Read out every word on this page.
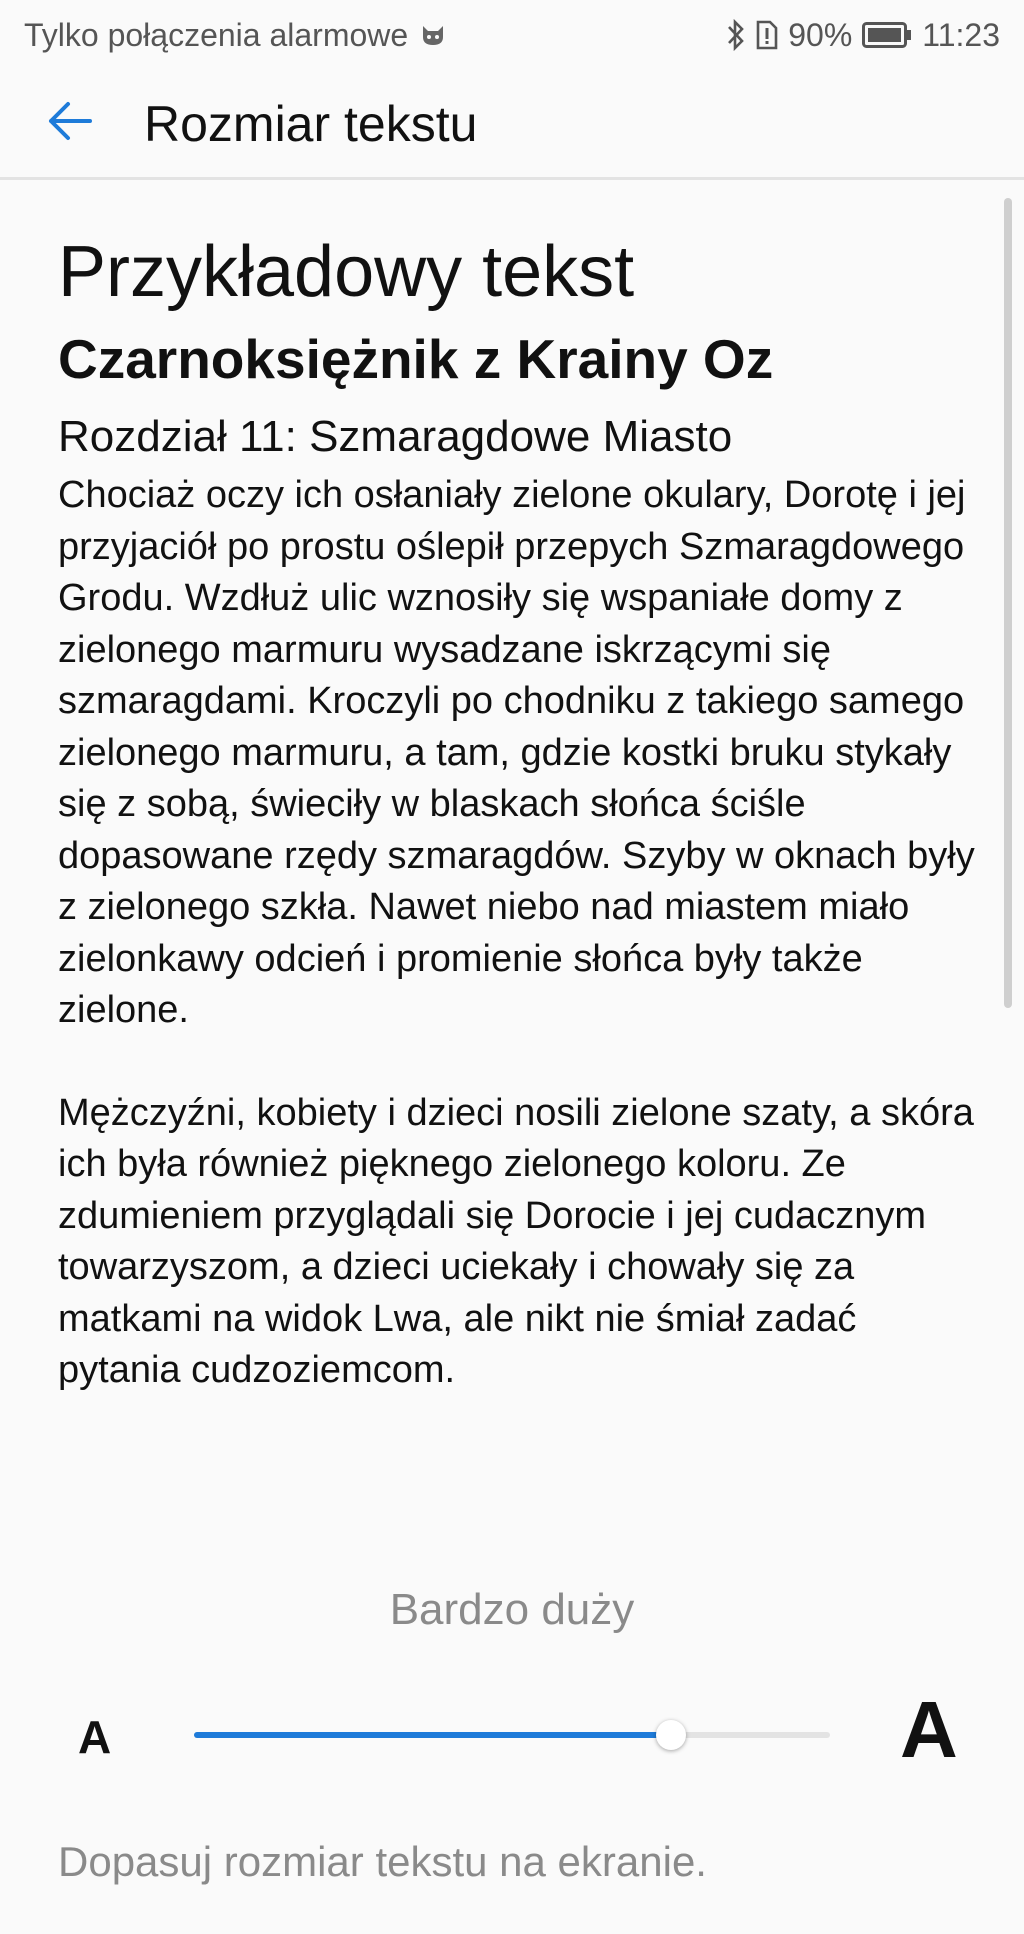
Tylko połączenia alarmowe	90% 11:23
Rozmiar tekstu
Przykładowy tekst
Czarnoksiężnik z Krainy Oz
Rozdział 11: Szmaragdowe Miasto

Chociaż oczy ich osłaniały zielone okulary, Dorotę i jej przyjaciół po prostu oślepił przepych Szmaragdowego Grodu. Wzdłuż ulic wznosiły się wspaniałe domy z zielonego marmuru wysadzane iskrzącymi się szmaragdami. Kroczyli po chodniku z takiego samego zielonego marmuru, a tam, gdzie kostki bruku stykały się z sobą, świeciły w blaskach słońca ściśle dopasowane rzędy szmaragdów. Szyby w oknach były z zielonego szkła. Nawet niebo nad miastem miało zielonkawy odcień i promienie słońca były także zielone.

Mężczyźni, kobiety i dzieci nosili zielone szaty, a skóra ich była również pięknego zielonego koloru. Ze zdumieniem przyglądali się Dorocie i jej cudacznym towarzyszom, a dzieci uciekały i chowały się za matkami na widok Lwa, ale nikt nie śmiał zadać pytania cudzoziemcom.

Bardzo duży
A	A
Dopasuj rozmiar tekstu na ekranie.
